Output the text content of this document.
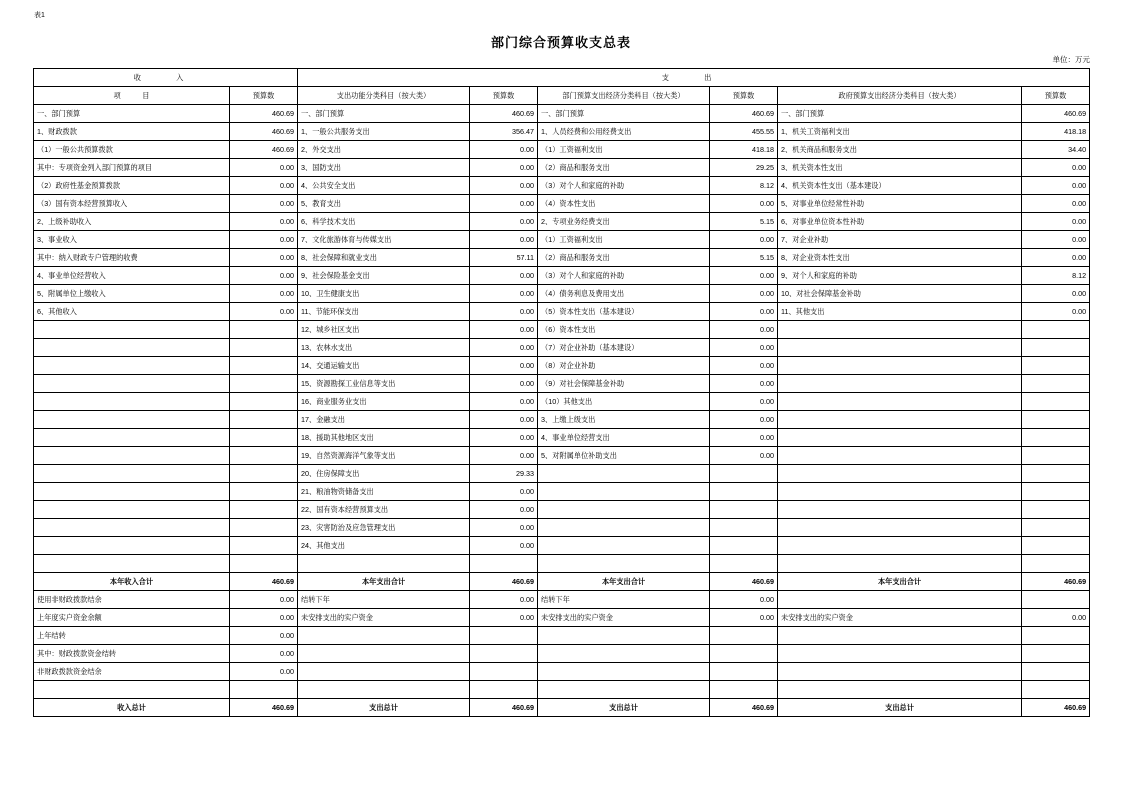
表1
部门综合预算收支总表
单位：万元
收　入		支　出					
项　　　目	预算数	支出功能分类科目（按大类）	预算数	部门预算支出经济分类科目（按大类）	预算数	政府预算支出经济分类科目（按大类）	预算数
一、部门预算	460.69	一、部门预算	460.69	一、部门预算	460.69	一、部门预算	460.69
1、财政拨款	460.69	1、一般公共服务支出	356.47	1、人员经费和公用经费支出	455.55	1、机关工资福利支出	418.18
（1）一般公共预算拨款	460.69	2、外交支出	0.00	（1）工资福利支出	418.18	2、机关商品和服务支出	34.40
其中：专项资金列入部门预算的项目	0.00	3、国防支出	0.00	（2）商品和服务支出	29.25	3、机关资本性支出	0.00
（2）政府性基金预算拨款	0.00	4、公共安全支出	0.00	（3）对个人和家庭的补助	8.12	4、机关资本性支出（基本建设）	0.00
（3）国有资本经营预算收入	0.00	5、教育支出	0.00	（4）资本性支出	0.00	5、对事业单位经常性补助	0.00
2、上级补助收入	0.00	6、科学技术支出	0.00	2、专项业务经费支出	5.15	6、对事业单位资本性补助	0.00
3、事业收入	0.00	7、文化旅游体育与传媒支出	0.00	（1）工资福利支出	0.00	7、对企业补助	0.00
其中：纳入财政专户管理的收费	0.00	8、社会保障和就业支出	57.11	（2）商品和服务支出	5.15	8、对企业资本性支出	0.00
4、事业单位经营收入	0.00	9、社会保险基金支出	0.00	（3）对个人和家庭的补助	0.00	9、对个人和家庭的补助	8.12
5、附属单位上缴收入	0.00	10、卫生健康支出	0.00	（4）债务利息及费用支出	0.00	10、对社会保障基金补助	0.00
6、其他收入	0.00	11、节能环保支出	0.00	（5）资本性支出（基本建设）	0.00	11、其他支出	0.00
		12、城乡社区支出	0.00	（6）资本性支出	0.00		
		13、农林水支出	0.00	（7）对企业补助（基本建设）	0.00		
		14、交通运输支出	0.00	（8）对企业补助	0.00		
		15、资源勘探工业信息等支出	0.00	（9）对社会保障基金补助	0.00		
		16、商业服务业支出	0.00	（10）其他支出	0.00		
		17、金融支出	0.00	3、上缴上级支出	0.00		
		18、援助其他地区支出	0.00	4、事业单位经营支出	0.00		
		19、自然资源海洋气象等支出	0.00	5、对附属单位补助支出	0.00		
		20、住房保障支出	29.33				
		21、粮油物资储备支出	0.00				
		22、国有资本经营预算支出	0.00				
		23、灾害防治及应急管理支出	0.00				
		24、其他支出	0.00				

本年收入合计	460.69	本年支出合计	460.69	本年支出合计	460.69	本年支出合计	460.69
使用非财政拨款结余	0.00	结转下年	0.00	结转下年	0.00		
上年度实户资金余额	0.00	未安排支出的实户资金	0.00	未安排支出的实户资金	0.00	未安排支出的实户资金	0.00
上年结转	0.00						
其中：财政拨款资金结转	0.00						
非财政拨款资金结余	0.00						

收入总计	460.69	支出总计	460.69	支出总计	460.69	支出总计	460.69
